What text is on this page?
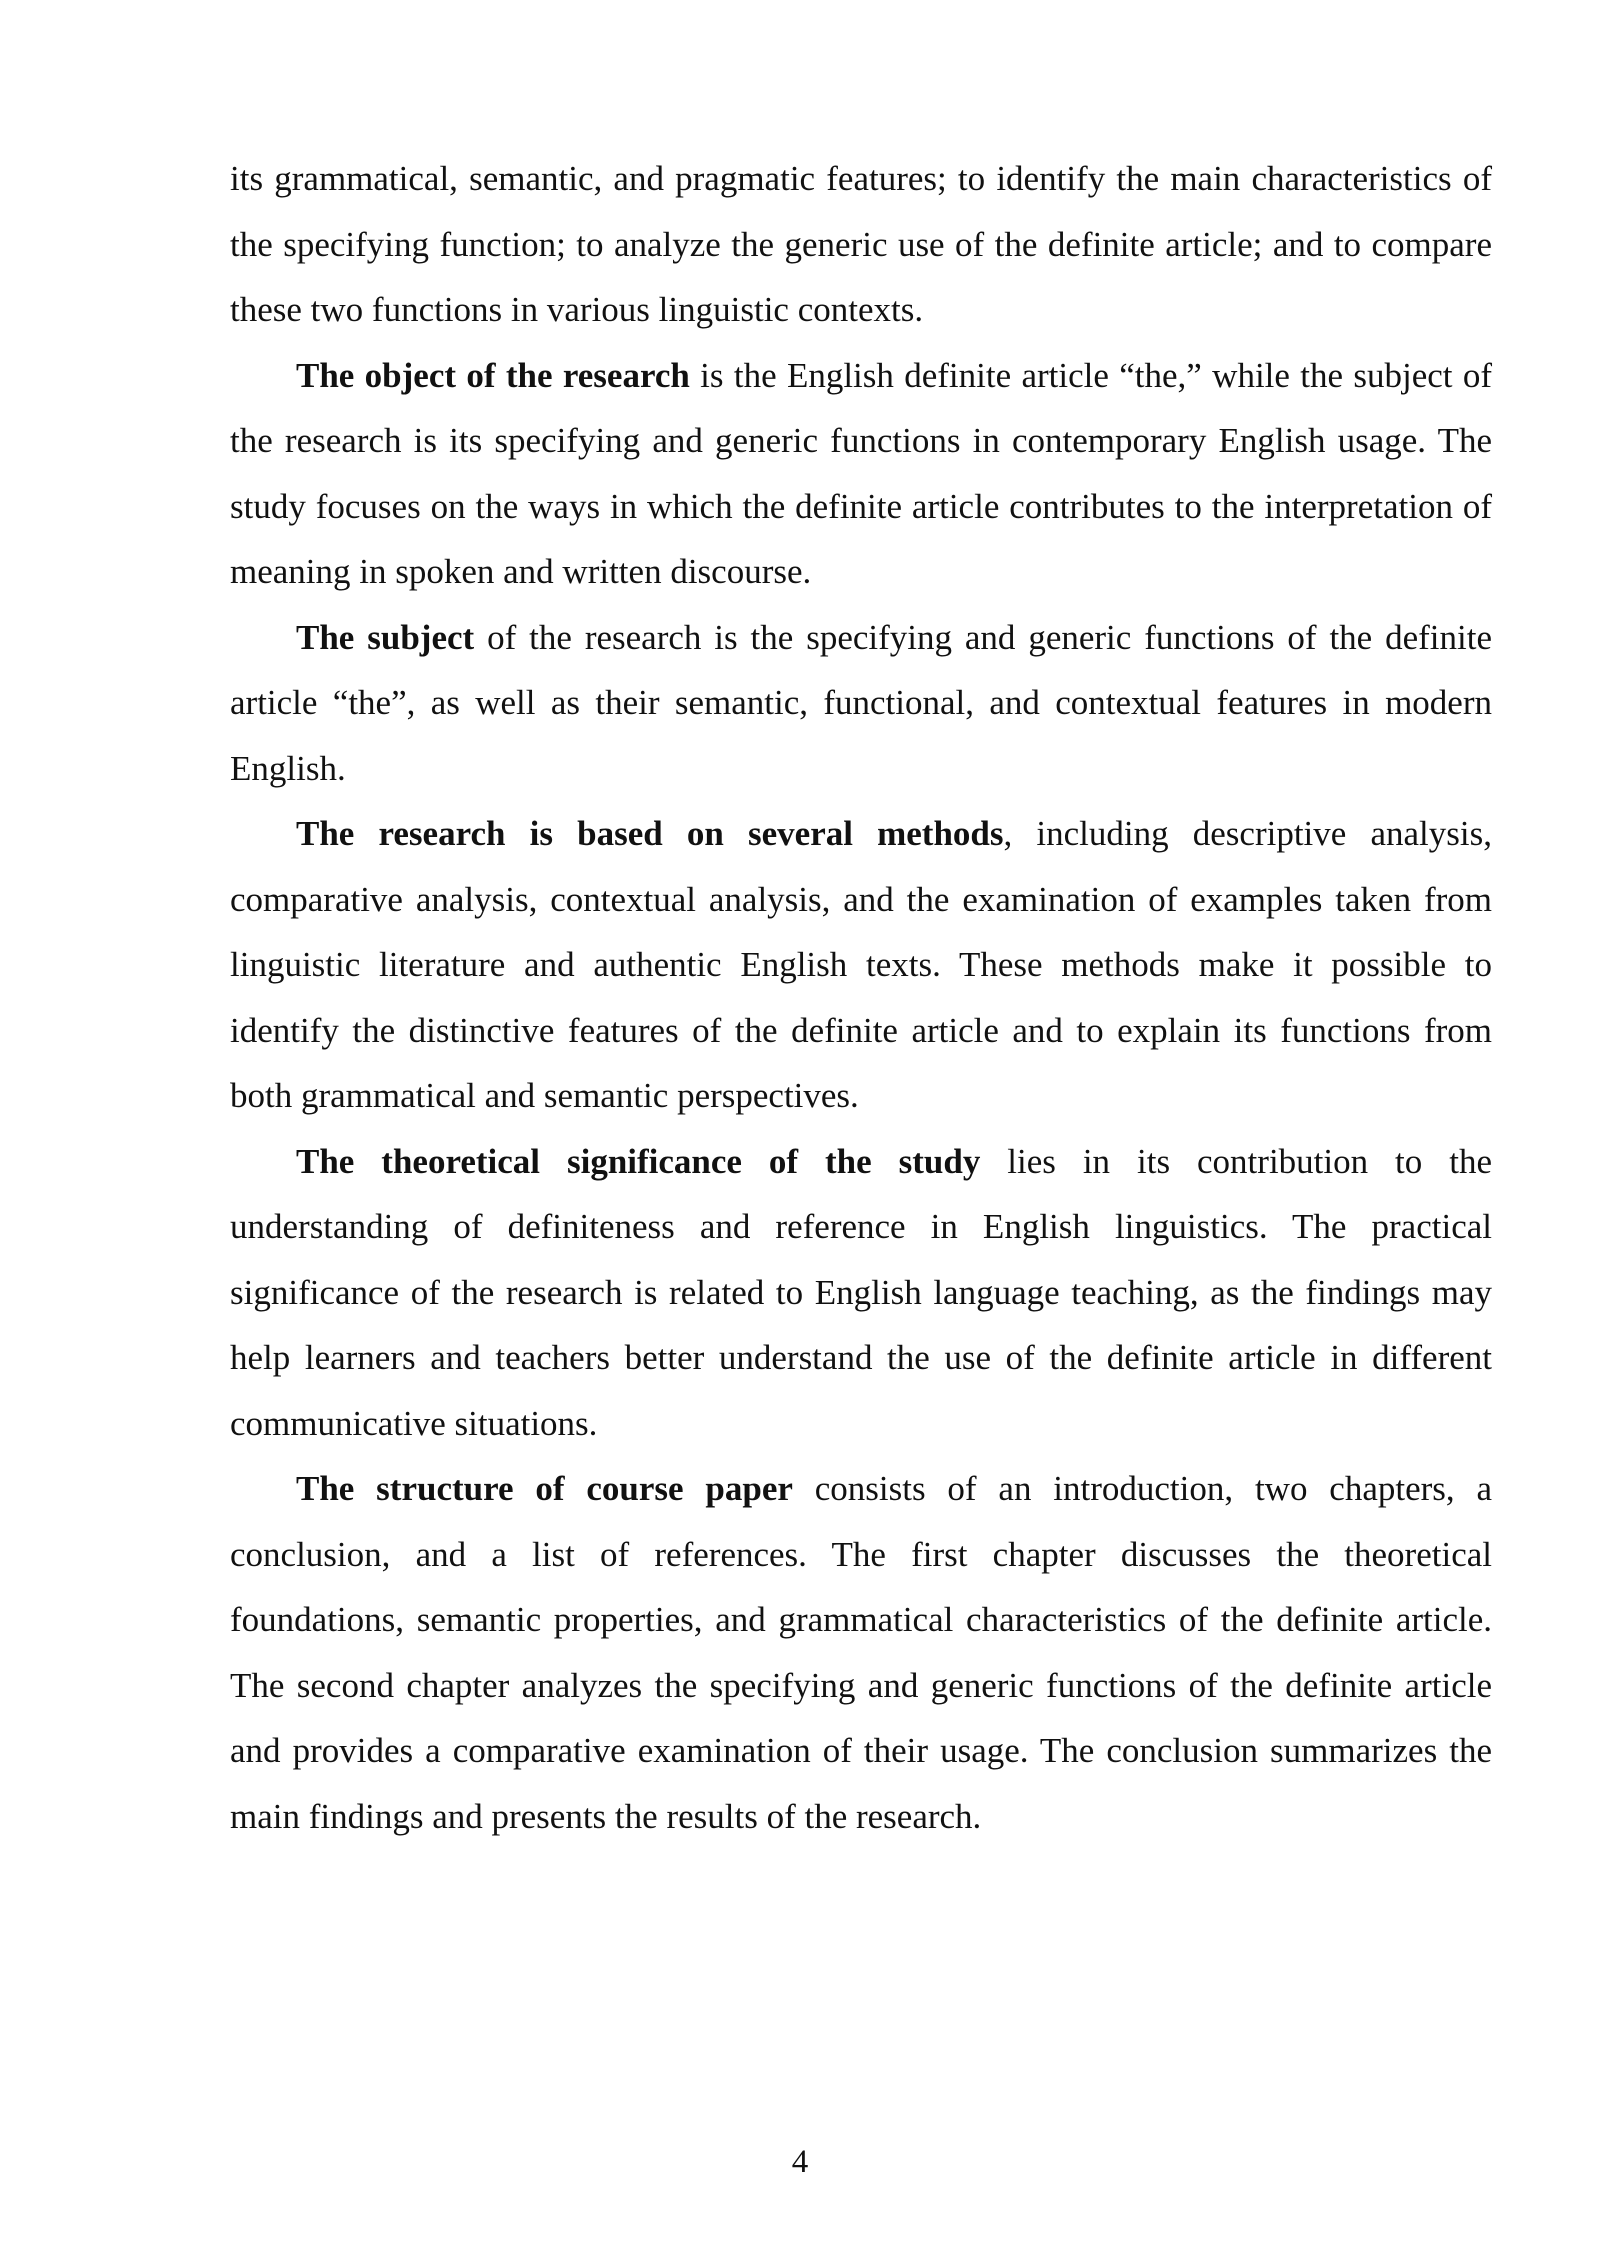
its grammatical, semantic, and pragmatic features; to identify the main characteristics of the specifying function; to analyze the generic use of the definite article; and to compare these two functions in various linguistic contexts.

The object of the research is the English definite article “the,” while the subject of the research is its specifying and generic functions in contemporary English usage. The study focuses on the ways in which the definite article contributes to the interpretation of meaning in spoken and written discourse.

The subject of the research is the specifying and generic functions of the definite article “the”, as well as their semantic, functional, and contextual features in modern English.

The research is based on several methods, including descriptive analysis, comparative analysis, contextual analysis, and the examination of examples taken from linguistic literature and authentic English texts. These methods make it possible to identify the distinctive features of the definite article and to explain its functions from both grammatical and semantic perspectives.

The theoretical significance of the study lies in its contribution to the understanding of definiteness and reference in English linguistics. The practical significance of the research is related to English language teaching, as the findings may help learners and teachers better understand the use of the definite article in different communicative situations.

The structure of course paper consists of an introduction, two chapters, a conclusion, and a list of references. The first chapter discusses the theoretical foundations, semantic properties, and grammatical characteristics of the definite article. The second chapter analyzes the specifying and generic functions of the definite article and provides a comparative examination of their usage. The conclusion summarizes the main findings and presents the results of the research.

4
